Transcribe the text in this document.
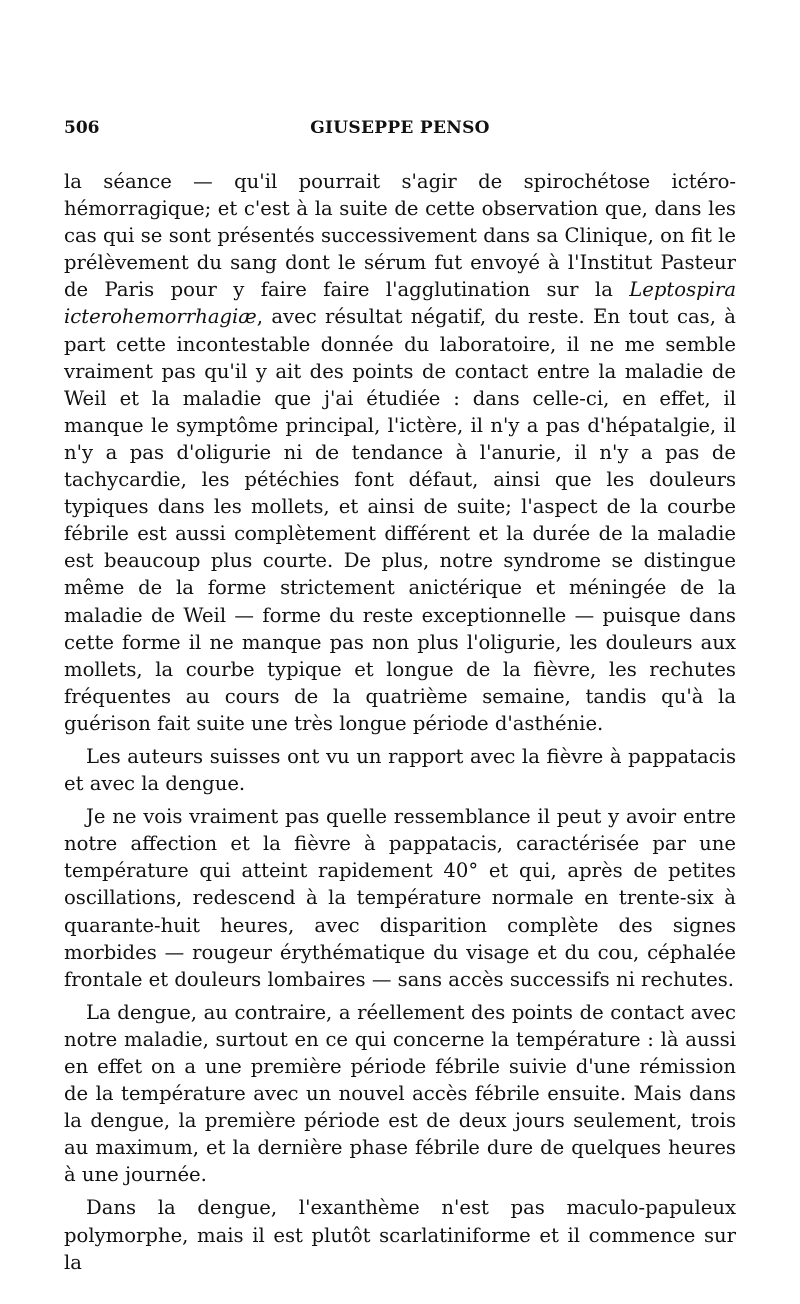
506	GIUSEPPE PENSO

la séance — qu'il pourrait s'agir de spirochétose ictéro-hémorragique; et c'est à la suite de cette observation que, dans les cas qui se sont présentés successivement dans sa Clinique, on fit le prélèvement du sang dont le sérum fut envoyé à l'Institut Pasteur de Paris pour y faire faire l'agglutination sur la Leptospira icterohemorrhagiæ, avec résultat négatif, du reste. En tout cas, à part cette incontestable donnée du laboratoire, il ne me semble vraiment pas qu'il y ait des points de contact entre la maladie de Weil et la maladie que j'ai étudiée : dans celle-ci, en effet, il manque le symptôme principal, l'ictère, il n'y a pas d'hépatalgie, il n'y a pas d'oligurie ni de tendance à l'anurie, il n'y a pas de tachycardie, les pétéchies font défaut, ainsi que les douleurs typiques dans les mollets, et ainsi de suite; l'aspect de la courbe fébrile est aussi complètement différent et la durée de la maladie est beaucoup plus courte. De plus, notre syndrome se distingue même de la forme strictement anictérique et méningée de la maladie de Weil — forme du reste exceptionnelle — puisque dans cette forme il ne manque pas non plus l'oligurie, les douleurs aux mollets, la courbe typique et longue de la fièvre, les rechutes fréquentes au cours de la quatrième semaine, tandis qu'à la guérison fait suite une très longue période d'asthénie.

Les auteurs suisses ont vu un rapport avec la fièvre à pappatacis et avec la dengue.

Je ne vois vraiment pas quelle ressemblance il peut y avoir entre notre affection et la fièvre à pappatacis, caractérisée par une température qui atteint rapidement 40° et qui, après de petites oscillations, redescend à la température normale en trente-six à quarante-huit heures, avec disparition complète des signes morbides — rougeur érythématique du visage et du cou, céphalée frontale et douleurs lombaires — sans accès successifs ni rechutes.

La dengue, au contraire, a réellement des points de contact avec notre maladie, surtout en ce qui concerne la température : là aussi en effet on a une première période fébrile suivie d'une rémission de la température avec un nouvel accès fébrile ensuite. Mais dans la dengue, la première période est de deux jours seulement, trois au maximum, et la dernière phase fébrile dure de quelques heures à une journée.

Dans la dengue, l'exanthème n'est pas maculo-papuleux polymorphe, mais il est plutôt scarlatiniforme et il commence sur la
